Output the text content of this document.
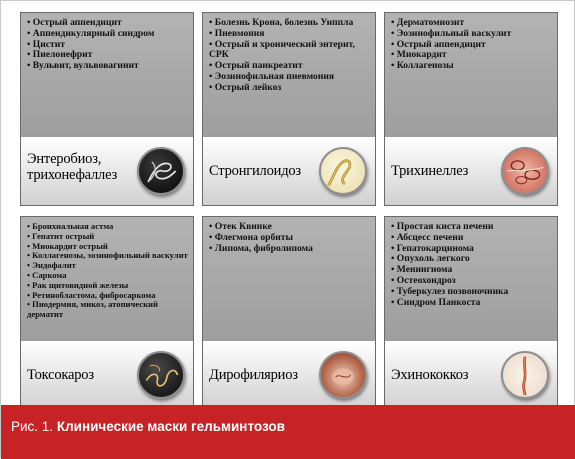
• Острый аппендицит
• Аппендикулярный синдром
• Цистит
• Пиелонефрит
• Вульвит, вульвовагинит
Энтеробиоз,
трихонефаллез
• Болезнь Крона, болезнь Уиппла
• Пневмония
• Острый и хронический энтерит, СРК
• Острый панкреатит
• Эозинофильная пневмония
• Острый лейкоз
Стронгилоидоз
• Дерматомиозит
• Эозинофильный васкулит
• Острый аппендицит
• Миокардит
• Коллагенозы
Трихинеллез
• Бронхиальная астма
• Гепатит острый
• Миокардит острый
• Коллагенозы, эозинофильный васкулит
• Эндофалит
• Саркома
• Рак щитовидной железы
• Ретинобластома, фибросаркома
• Пиодермия, микоз, атопический дерматит
Токсокароз
• Отек Квинке
• Флегмона орбиты
• Липома, фибролипома
Дирофиляриоз
• Простая киста печени
• Абсцесс печени
• Гепатокарцинома
• Опухоль легкого
• Менингиома
• Остеохондроз
• Туберкулез позвоночника
• Синдром Панкоста
Эхинококкоз
Рис. 1. Клинические маски гельминтозов
